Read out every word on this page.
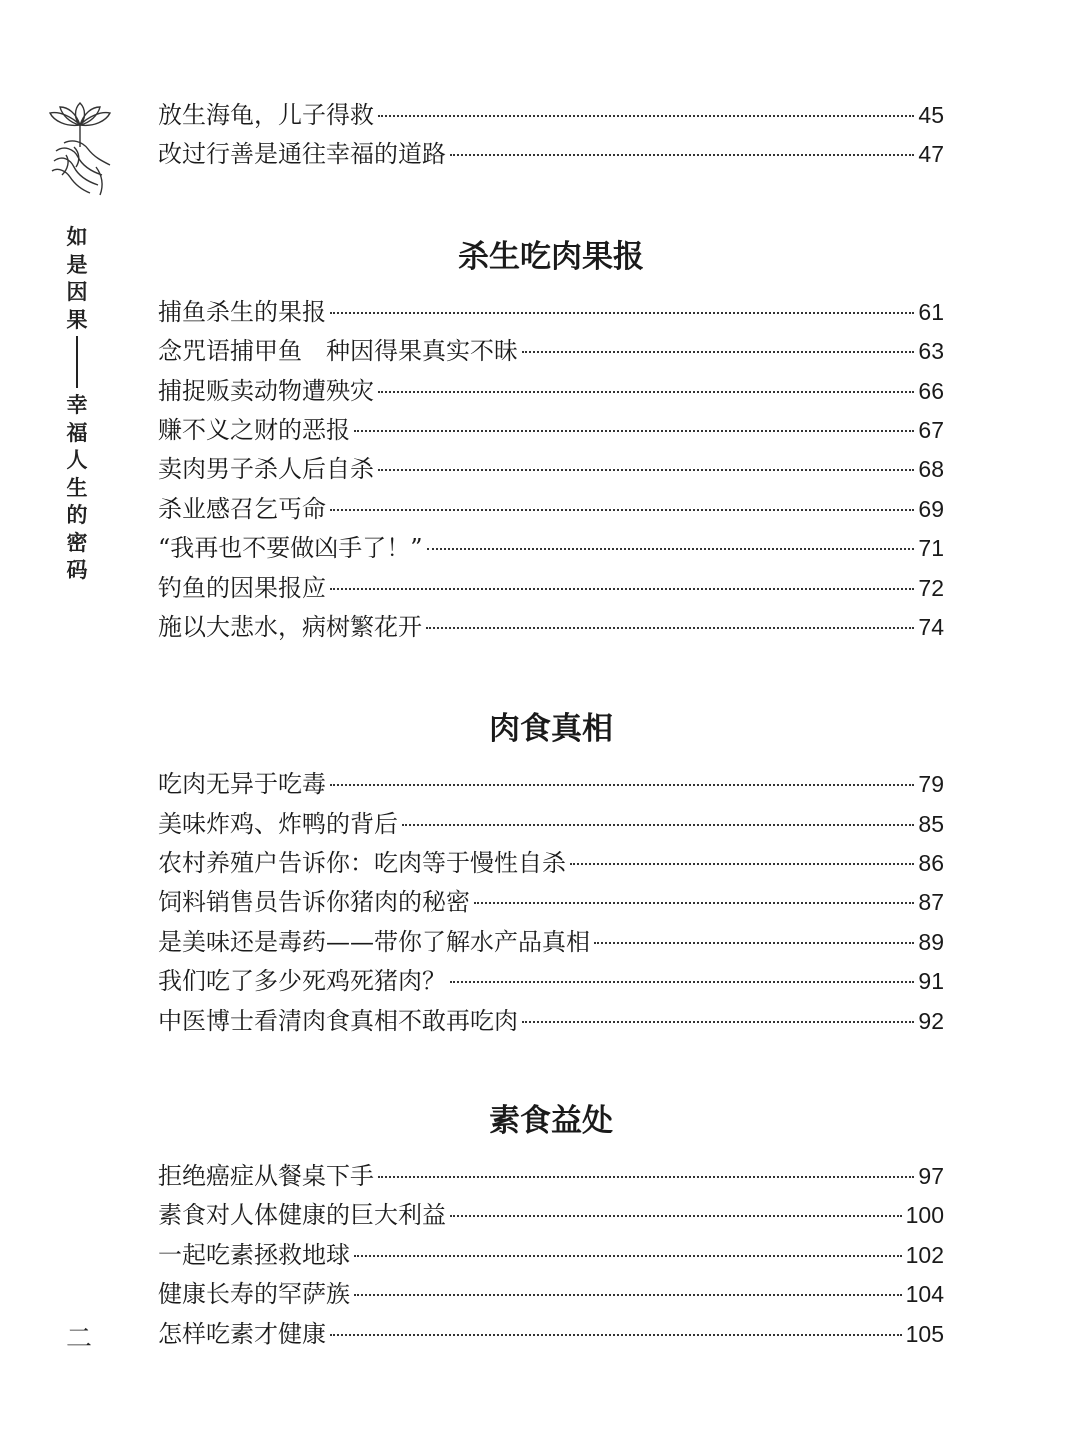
如
是
因
果
幸
福
人
生
的
密
码
放生海龟，儿子得救	45
改过行善是通往幸福的道路	47
杀生吃肉果报
捕鱼杀生的果报	61
念咒语捕甲鱼　种因得果真实不昧	63
捕捉贩卖动物遭殃灾	66
赚不义之财的恶报	67
卖肉男子杀人后自杀	68
杀业感召乞丐命	69
“我再也不要做凶手了！”	71
钓鱼的因果报应	72
施以大悲水，病树繁花开	74
肉食真相
吃肉无异于吃毒	79
美味炸鸡、炸鸭的背后	85
农村养殖户告诉你：吃肉等于慢性自杀	86
饲料销售员告诉你猪肉的秘密	87
是美味还是毒药——带你了解水产品真相	89
我们吃了多少死鸡死猪肉？	91
中医博士看清肉食真相不敢再吃肉	92
素食益处
拒绝癌症从餐桌下手	97
素食对人体健康的巨大利益	100
一起吃素拯救地球	102
健康长寿的罕萨族	104
怎样吃素才健康	105
二
